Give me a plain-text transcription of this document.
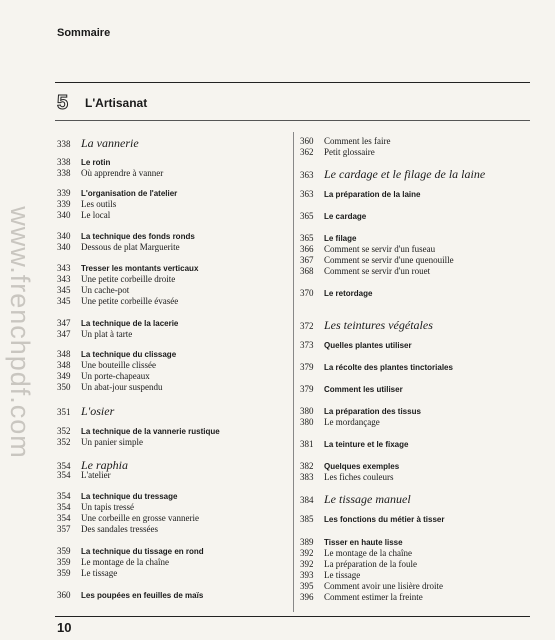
www.frenchpdf.com
Sommaire
5	L'Artisanat
338 La vannerie
338	Le rotin
338	Où apprendre à vanner
339	L'organisation de l'atelier
339	Les outils
340	Le local
340	La technique des fonds ronds
340	Dessous de plat Marguerite
343	Tresser les montants verticaux
343	Une petite corbeille droite
345	Un cache-pot
345	Une petite corbeille évasée
347	La technique de la lacerie
347	Un plat à tarte
348	La technique du clissage
348	Une bouteille clissée
349	Un porte-chapeaux
350	Un abat-jour suspendu
351 L'osier
352	La technique de la vannerie rustique
352	Un panier simple
354 Le raphia
354	L'atelier
354	La technique du tressage
354	Un tapis tressé
354	Une corbeille en grosse vannerie
357	Des sandales tressées
359	La technique du tissage en rond
359	Le montage de la chaîne
359	Le tissage
360	Les poupées en feuilles de maïs
360	Comment les faire
362	Petit glossaire
363 Le cardage et le filage de la laine
363	La préparation de la laine
365	Le cardage
365	Le filage
366	Comment se servir d'un fuseau
367	Comment se servir d'une quenouille
368	Comment se servir d'un rouet
370	Le retordage
372 Les teintures végétales
373	Quelles plantes utiliser
379	La récolte des plantes tinctoriales
379	Comment les utiliser
380	La préparation des tissus
380	Le mordançage
381	La teinture et le fixage
382	Quelques exemples
383	Les fiches couleurs
384 Le tissage manuel
385	Les fonctions du métier à tisser
389	Tisser en haute lisse
392	Le montage de la chaîne
392	La préparation de la foule
393	Le tissage
395	Comment avoir une lisière droite
396	Comment estimer la freinte
10
